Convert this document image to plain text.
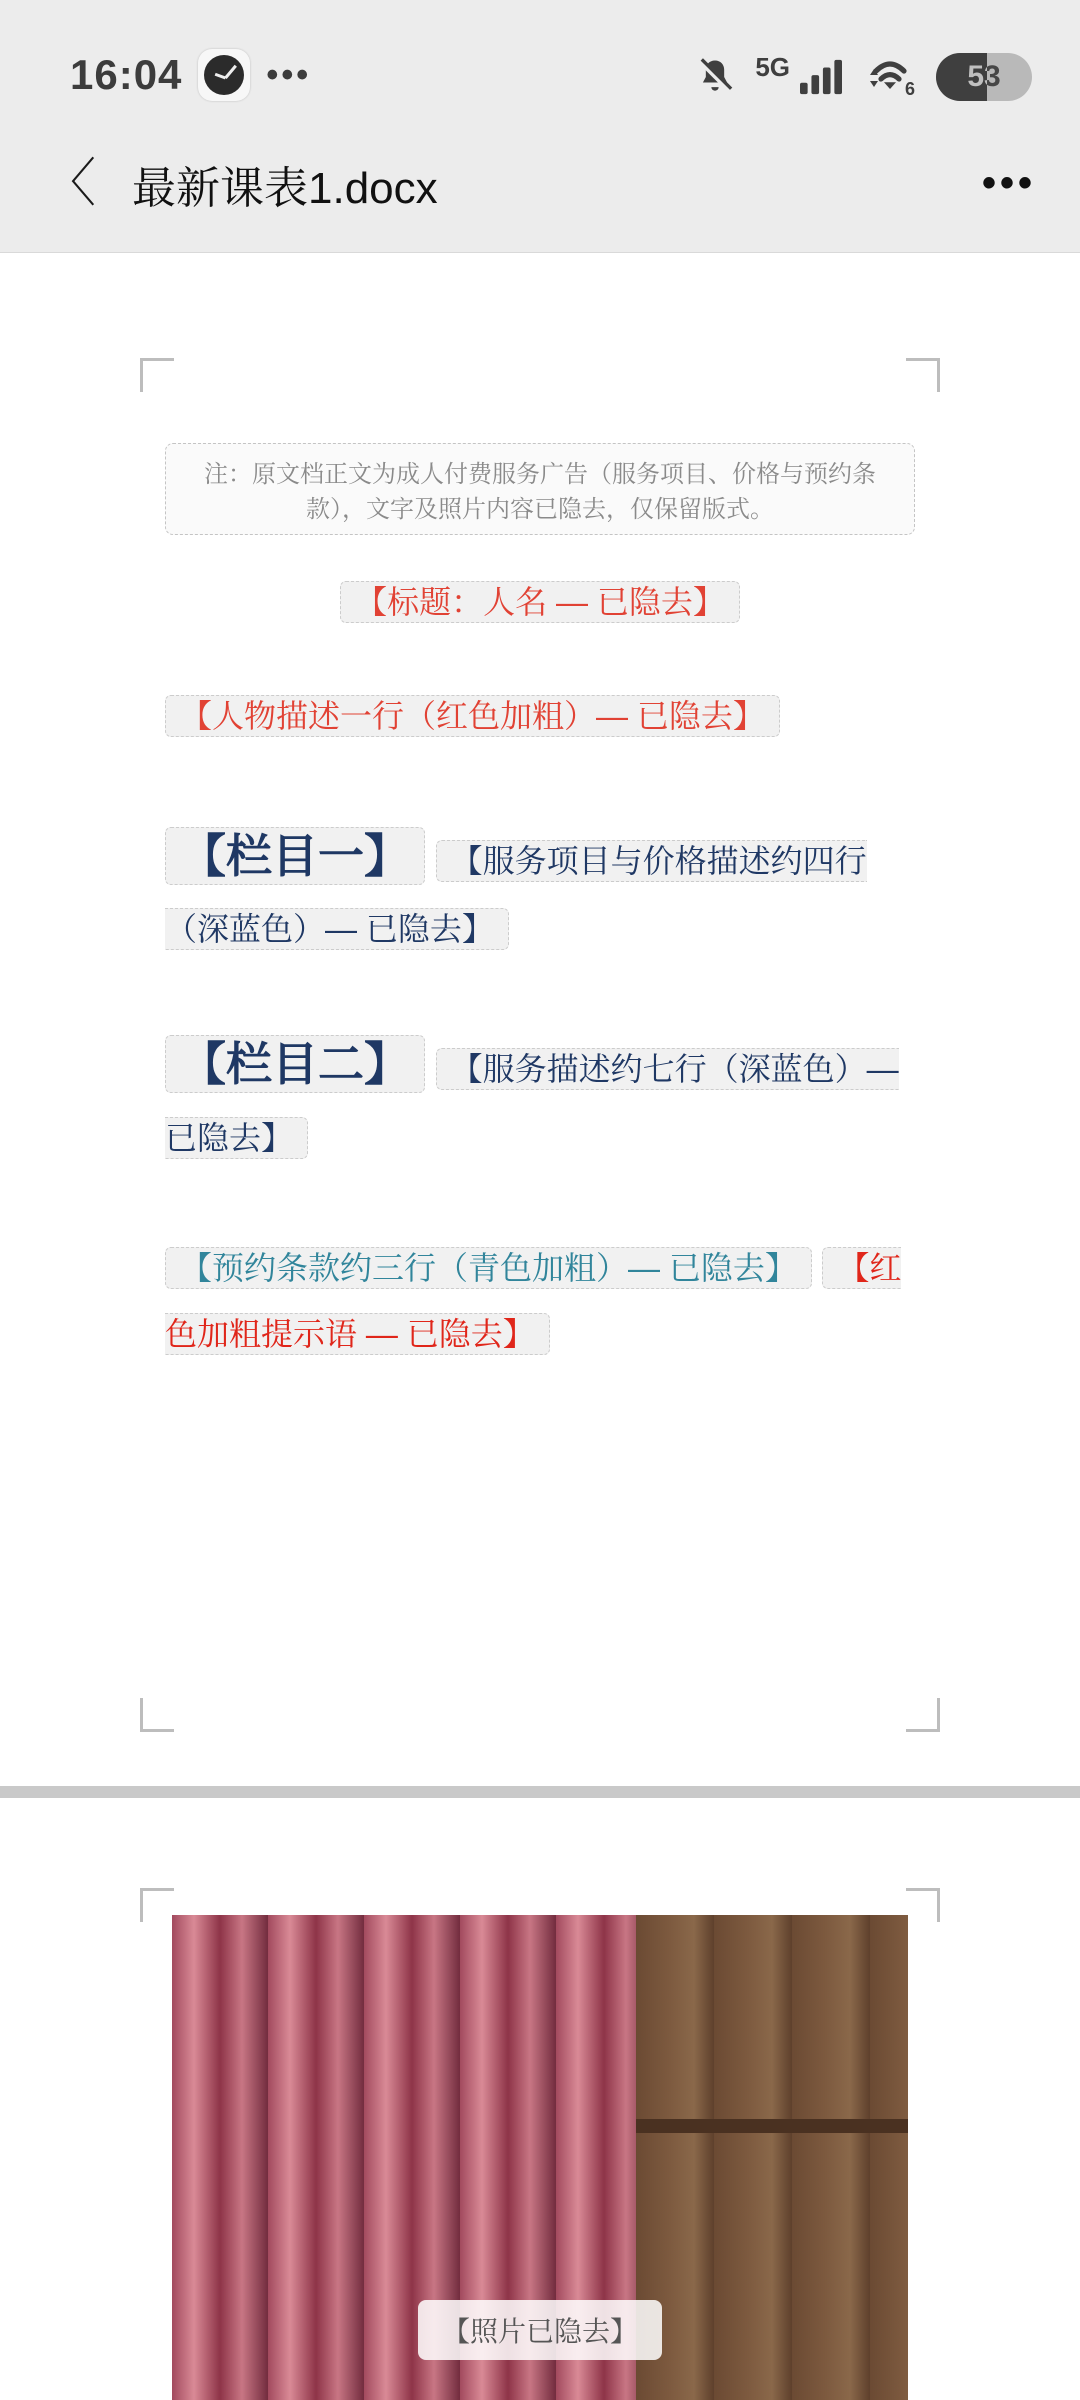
16:04 •••	5G
6 53
〈 最新课表1.docx	•••
注：原文档正文为成人付费服务广告（服务项目、价格与预约条款），文字及照片内容已隐去，仅保留版式。
【标题：人名 — 已隐去】
【人物描述一行（红色加粗）— 已隐去】
【栏目一】 【服务项目与价格描述约四行（深蓝色）— 已隐去】
【栏目二】 【服务描述约七行（深蓝色）— 已隐去】

【预约条款约三行（青色加粗）— 已隐去】 【红色加粗提示语 — 已隐去】
【照片已隐去】
